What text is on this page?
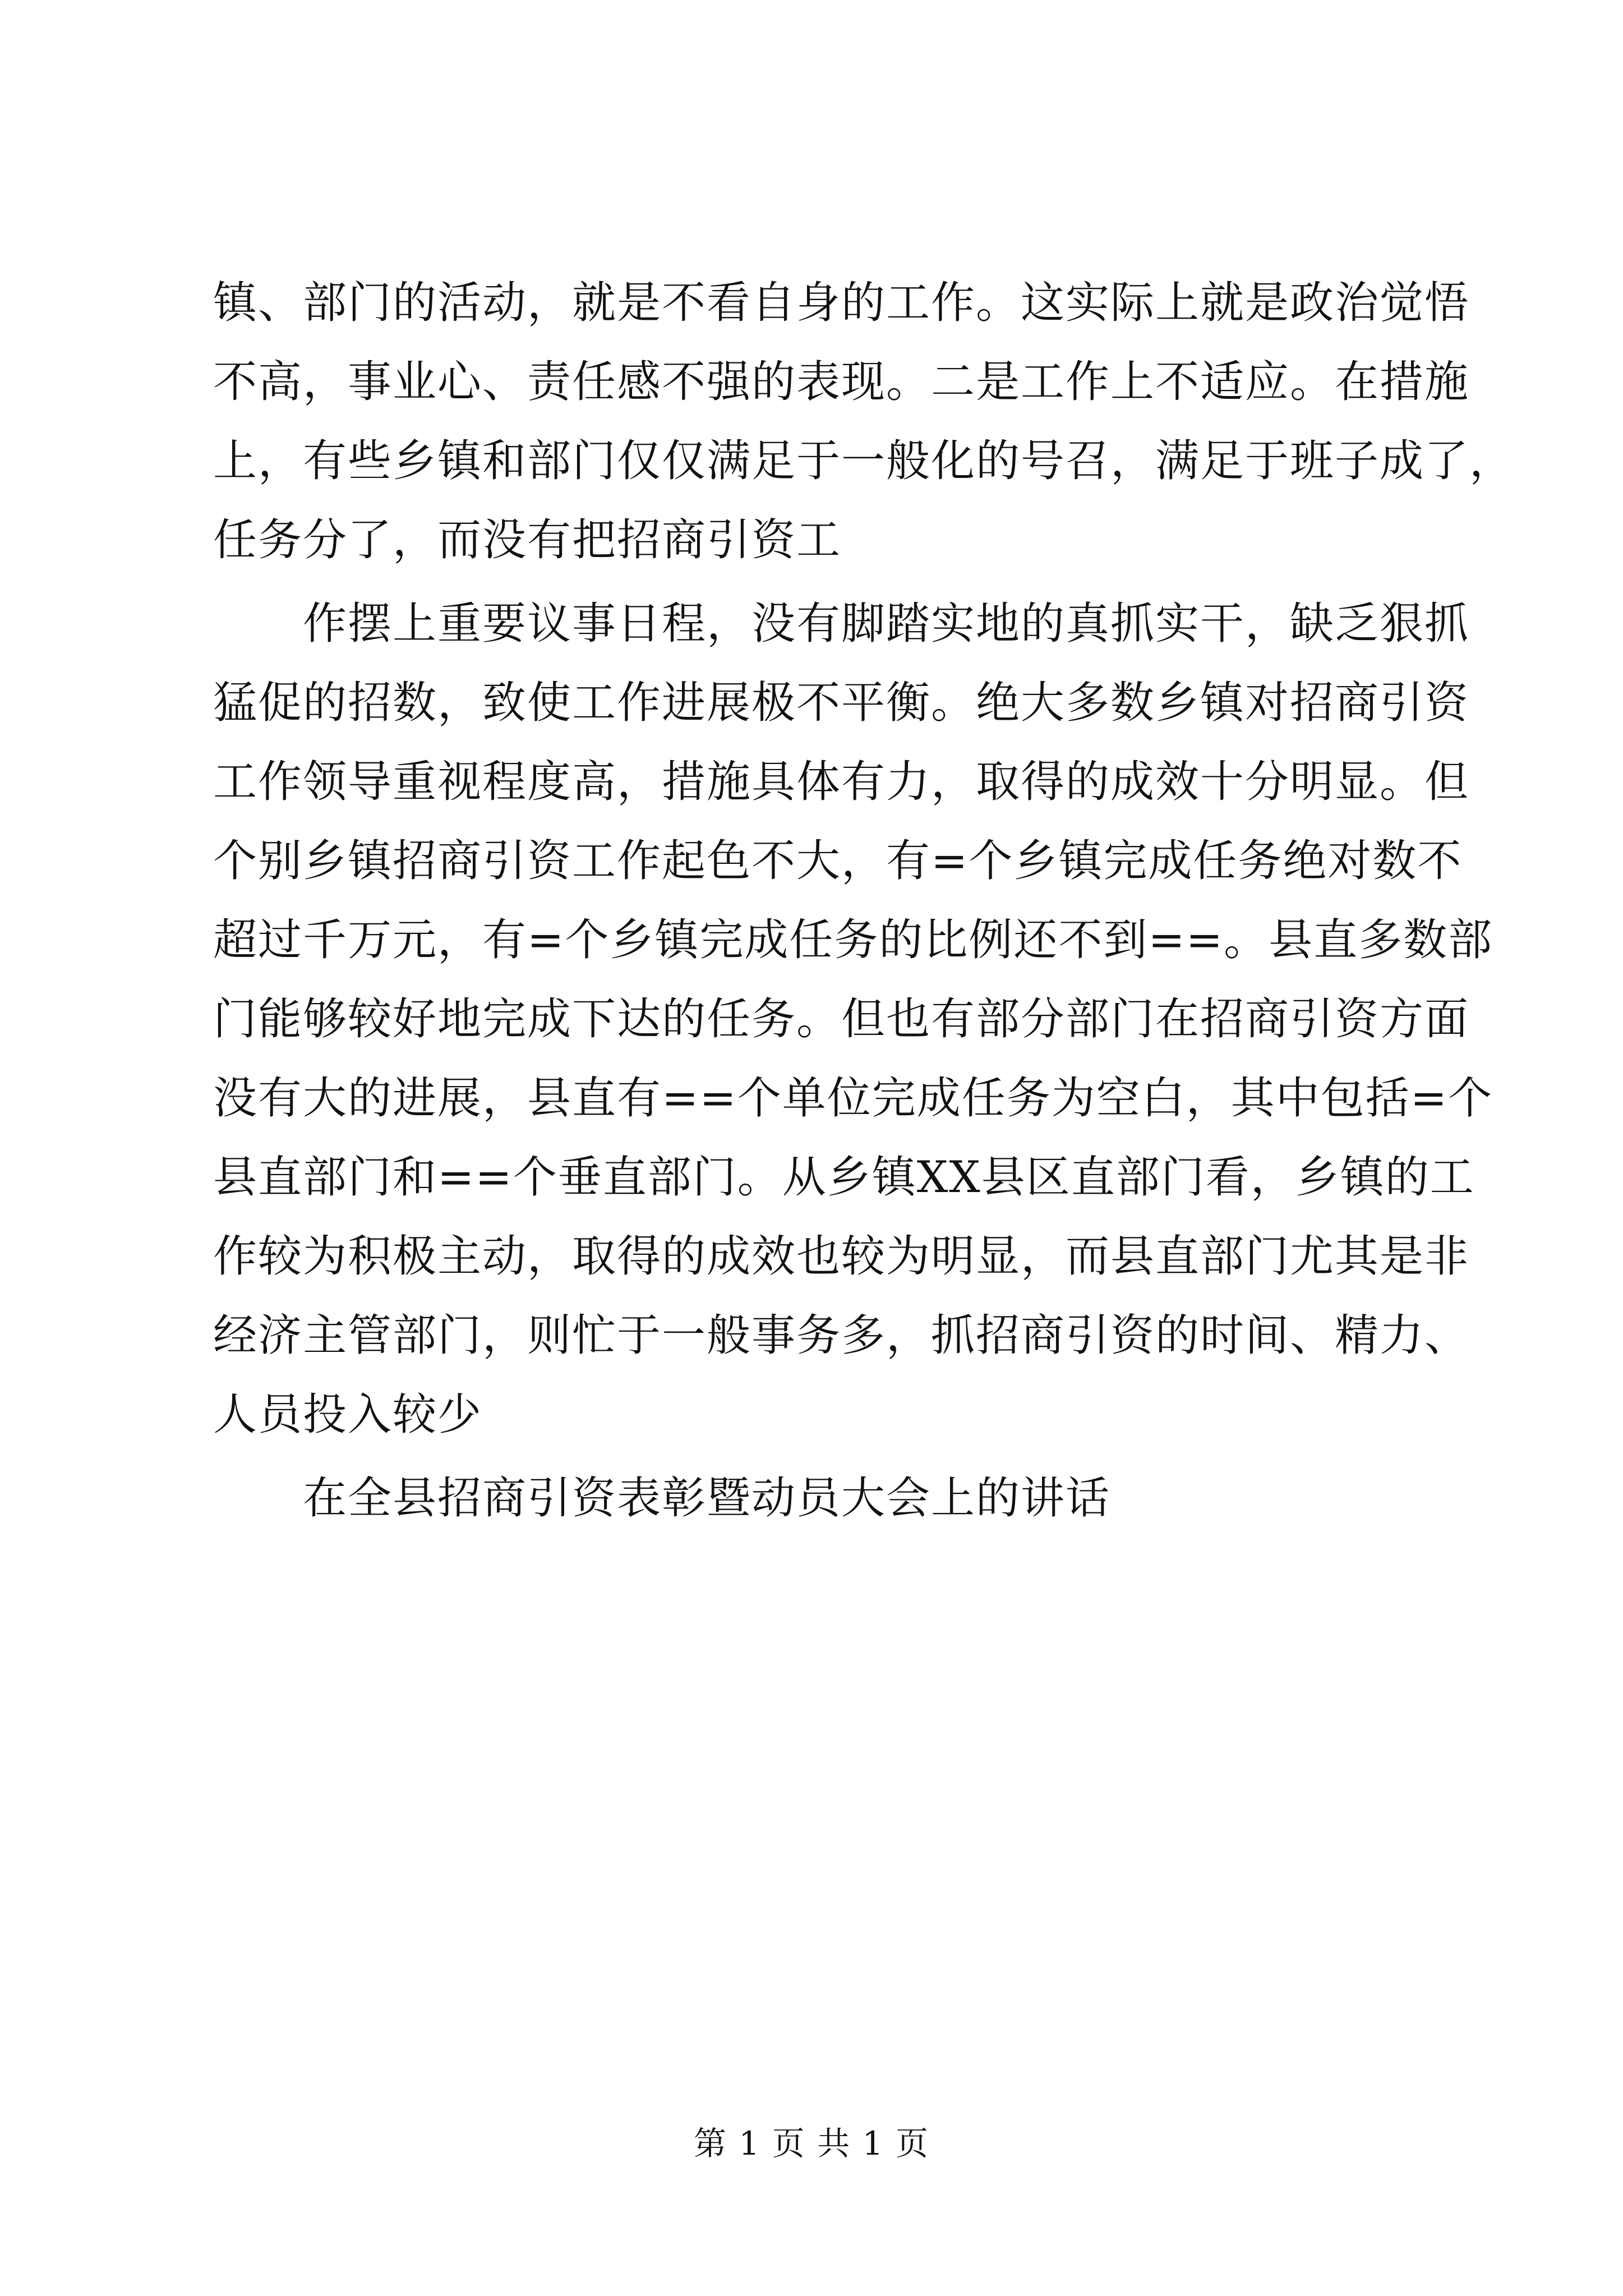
镇、部门的活动，就是不看自身的工作。这实际上就是政治觉悟
不高，事业心、责任感不强的表现。二是工作上不适应。在措施
上，有些乡镇和部门仅仅满足于一般化的号召，满足于班子成了，
任务分了，而没有把招商引资工
作摆上重要议事日程，没有脚踏实地的真抓实干，缺乏狠抓
猛促的招数，致使工作进展极不平衡。绝大多数乡镇对招商引资
工作领导重视程度高，措施具体有力，取得的成效十分明显。但
个别乡镇招商引资工作起色不大，有=个乡镇完成任务绝对数不
超过千万元，有=个乡镇完成任务的比例还不到==。县直多数部
门能够较好地完成下达的任务。但也有部分部门在招商引资方面
没有大的进展，县直有==个单位完成任务为空白，其中包括=个
县直部门和==个垂直部门。从乡镇XX县区直部门看，乡镇的工
作较为积极主动，取得的成效也较为明显，而县直部门尤其是非
经济主管部门，则忙于一般事务多，抓招商引资的时间、精力、
人员投入较少
在全县招商引资表彰暨动员大会上的讲话
第 1 页 共 1 页
